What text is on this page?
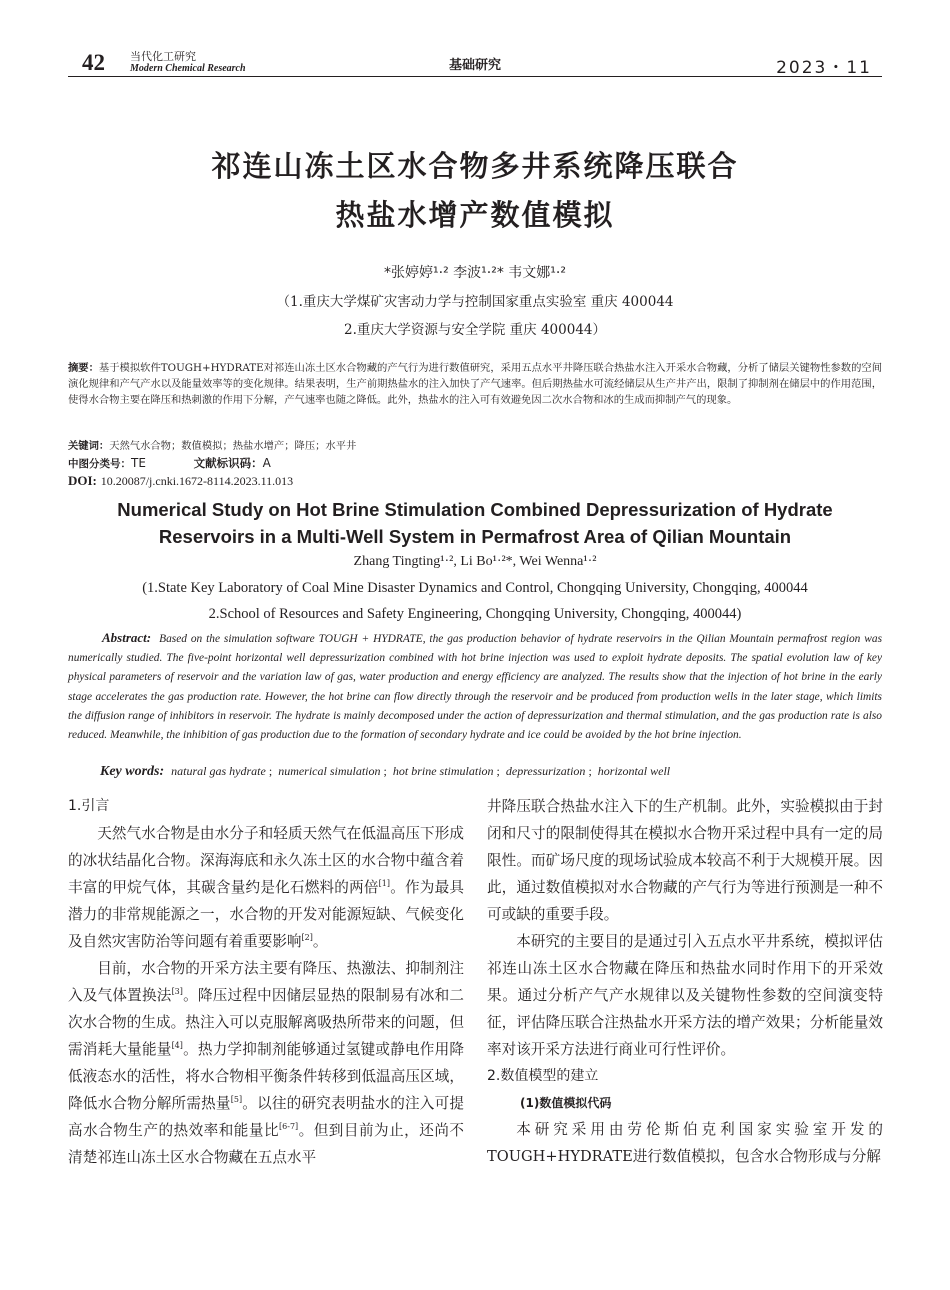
42 当代化工研究
Modern Chemical Research	基础研究	2023・11
祁连山冻土区水合物多井系统降压联合
热盐水增产数值模拟
*张婷婷¹·² 李波¹·²* 韦文娜¹·²
（1.重庆大学煤矿灾害动力学与控制国家重点实验室 重庆 400044
2.重庆大学资源与安全学院 重庆 400044）
摘要：基于模拟软件TOUGH+HYDRATE对祁连山冻土区水合物藏的产气行为进行数值研究，采用五点水平井降压联合热盐水注入开采水合物藏，分析了储层关键物性参数的空间演化规律和产气产水以及能量效率等的变化规律。结果表明，生产前期热盐水的注入加快了产气速率。但后期热盐水可流经储层从生产井产出，限制了抑制剂在储层中的作用范围，使得水合物主要在降压和热刺激的作用下分解，产气速率也随之降低。此外，热盐水的注入可有效避免因二次水合物和冰的生成而抑制产气的现象。
关键词：天然气水合物；数值模拟；热盐水增产；降压；水平井
中图分类号：TE	文献标识码：A
DOI: 10.20087/j.cnki.1672-8114.2023.11.013
Numerical Study on Hot Brine Stimulation Combined Depressurization of Hydrate
Reservoirs in a Multi-Well System in Permafrost Area of Qilian Mountain
Zhang Tingting¹·², Li Bo¹·²*, Wei Wenna¹·²
(1.State Key Laboratory of Coal Mine Disaster Dynamics and Control, Chongqing University, Chongqing, 400044
2.School of Resources and Safety Engineering, Chongqing University, Chongqing, 400044)
Abstract: Based on the simulation software TOUGH + HYDRATE, the gas production behavior of hydrate reservoirs in the Qilian Mountain permafrost region was numerically studied. The five-point horizontal well depressurization combined with hot brine injection was used to exploit hydrate deposits. The spatial evolution law of key physical parameters of reservoir and the variation law of gas, water production and energy efficiency are analyzed. The results show that the injection of hot brine in the early stage accelerates the gas production rate. However, the hot brine can flow directly through the reservoir and be produced from production wells in the later stage, which limits the diffusion range of inhibitors in reservoir. The hydrate is mainly decomposed under the action of depressurization and thermal stimulation, and the gas production rate is also reduced. Meanwhile, the inhibition of gas production due to the formation of secondary hydrate and ice could be avoided by the hot brine injection.
Key words: natural gas hydrate ; numerical simulation ; hot brine stimulation ; depressurization ; horizontal well
1.引言

天然气水合物是由水分子和轻质天然气在低温高压下形成的冰状结晶化合物。深海海底和永久冻土区的水合物中蕴含着丰富的甲烷气体，其碳含量约是化石燃料的两倍[1]。作为最具潜力的非常规能源之一，水合物的开发对能源短缺、气候变化及自然灾害防治等问题有着重要影响[2]。

目前，水合物的开采方法主要有降压、热激法、抑制剂注入及气体置换法[3]。降压过程中因储层显热的限制易有冰和二次水合物的生成。热注入可以克服解离吸热所带来的问题，但需消耗大量能量[4]。热力学抑制剂能够通过氢键或静电作用降低液态水的活性，将水合物相平衡条件转移到低温高压区域，降低水合物分解所需热量[5]。以往的研究表明盐水的注入可提高水合物生产的热效率和能量比[6-7]。但到目前为止，还尚不清楚祁连山冻土区水合物藏在五点水平

井降压联合热盐水注入下的生产机制。此外，实验模拟由于封闭和尺寸的限制使得其在模拟水合物开采过程中具有一定的局限性。而矿场尺度的现场试验成本较高不利于大规模开展。因此，通过数值模拟对水合物藏的产气行为等进行预测是一种不可或缺的重要手段。

本研究的主要目的是通过引入五点水平井系统，模拟评估祁连山冻土区水合物藏在降压和热盐水同时作用下的开采效果。通过分析产气产水规律以及关键物性参数的空间演变特征，评估降压联合注热盐水开采方法的增产效果；分析能量效率对该开采方法进行商业可行性评价。

2.数值模型的建立
(1)数值模拟代码

本研究采用由劳伦斯伯克利国家实验室开发的TOUGH+HYDRATE进行数值模拟，包含水合物形成与分解
